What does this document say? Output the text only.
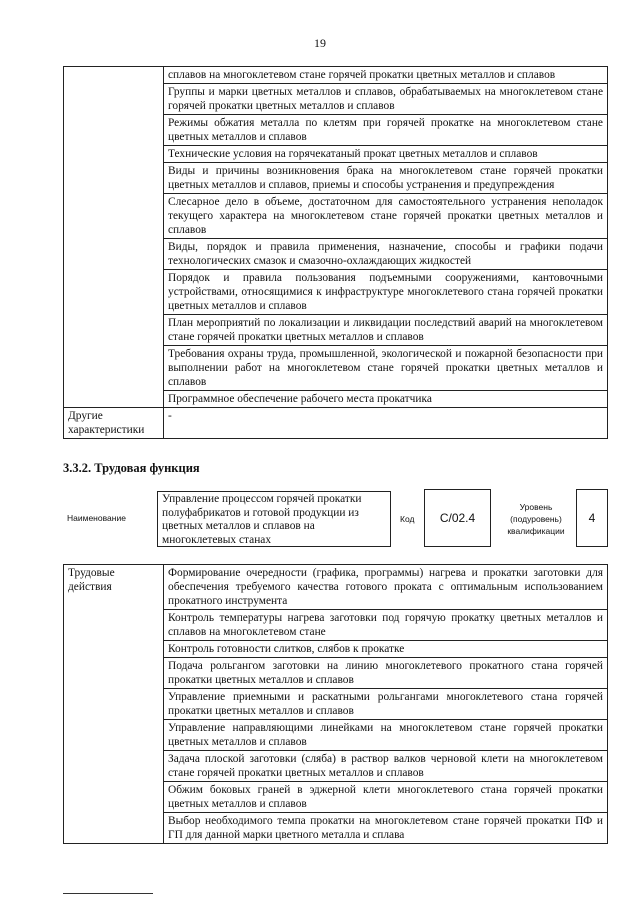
19
	сплавов на многоклетевом стане горячей прокатки цветных металлов и сплавов
	Группы и марки цветных металлов и сплавов, обрабатываемых на многоклетевом стане горячей прокатки цветных металлов и сплавов
	Режимы обжатия металла по клетям при горячей прокатке на многоклетевом стане цветных металлов и сплавов
	Технические условия на горячекатаный прокат цветных металлов и сплавов
	Виды и причины возникновения брака на многоклетевом стане горячей прокатки цветных металлов и сплавов, приемы и способы устранения и предупреждения
	Слесарное дело в объеме, достаточном для самостоятельного устранения неполадок текущего характера на многоклетевом стане горячей прокатки цветных металлов и сплавов
	Виды, порядок и правила применения, назначение, способы и графики подачи технологических смазок и смазочно-охлаждающих жидкостей
	Порядок и правила пользования подъемными сооружениями, кантовочными устройствами, относящимися к инфраструктуре многоклетевого стана горячей прокатки цветных металлов и сплавов
	План мероприятий по локализации и ликвидации последствий аварий на многоклетевом стане горячей прокатки цветных металлов и сплавов
	Требования охраны труда, промышленной, экологической и пожарной безопасности при выполнении работ на многоклетевом стане горячей прокатки цветных металлов и сплавов
	Программное обеспечение рабочего места прокатчика
Другие характеристики	-
3.3.2. Трудовая функция
Наименование
Управление процессом горячей прокатки полуфабрикатов и готовой продукции из цветных металлов и сплавов на многоклетевых станах
Код	C/02.4
Уровень (подуровень) квалификации
4
Трудовые действия	Формирование очередности (графика, программы) нагрева и прокатки заготовки для обеспечения требуемого качества готового проката с оптимальным использованием прокатного инструмента
Контроль температуры нагрева заготовки под горячую прокатку цветных металлов и сплавов на многоклетевом стане
Контроль готовности слитков, слябов к прокатке
Подача рольгангом заготовки на линию многоклетевого прокатного стана горячей прокатки цветных металлов и сплавов
Управление приемными и раскатными рольгангами многоклетевого стана горячей прокатки цветных металлов и сплавов
Управление направляющими линейками на многоклетевом стане горячей прокатки цветных металлов и сплавов
Задача плоской заготовки (сляба) в раствор валков черновой клети на многоклетевом стане горячей прокатки цветных металлов и сплавов
Обжим боковых граней в эджерной клети многоклетевого стана горячей прокатки цветных металлов и сплавов
Выбор необходимого темпа прокатки на многоклетевом стане горячей прокатки ПФ и ГП для данной марки цветного металла и сплава
